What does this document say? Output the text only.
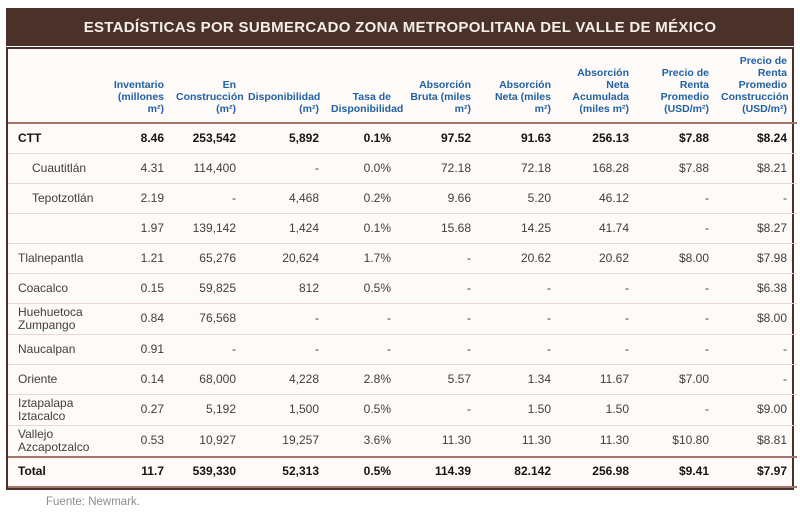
ESTADÍSTICAS POR SUBMERCADO ZONA METROPOLITANA DEL VALLE DE MÉXICO
	Inventario (millones m²)	En Construcción (m²)	Disponibilidad (m²)	Tasa de Disponibilidad	Absorción Bruta (miles m²)	Absorción Neta (miles m²)	Absorción Neta Acumulada (miles m²)	Precio de Renta Promedio (USD/m²)	Precio de Renta Promedio Construcción (USD/m²)
CTT	8.46	253,542	5,892	0.1%	97.52	91.63	256.13	$7.88	$8.24
Cuautitlán	4.31	114,400	-	0.0%	72.18	72.18	168.28	$7.88	$8.21
Tepotzotlán	2.19	-	4,468	0.2%	9.66	5.20	46.12	-	-
	1.97	139,142	1,424	0.1%	15.68	14.25	41.74	-	$8.27
Tlalnepantla	1.21	65,276	20,624	1.7%	-	20.62	20.62	$8.00	$7.98
Coacalco	0.15	59,825	812	0.5%	-	-	-	-	$6.38
Huehuetoca Zumpango	0.84	76,568	-	-	-	-	-	-	$8.00
Naucalpan	0.91	-	-	-	-	-	-	-	-
Oriente	0.14	68,000	4,228	2.8%	5.57	1.34	11.67	$7.00	-
Iztapalapa Iztacalco	0.27	5,192	1,500	0.5%	-	1.50	1.50	-	$9.00
Vallejo Azcapotzalco	0.53	10,927	19,257	3.6%	11.30	11.30	11.30	$10.80	$8.81
Total	11.7	539,330	52,313	0.5%	114.39	82.142	256.98	$9.41	$7.97
Fuente: Newmark.
